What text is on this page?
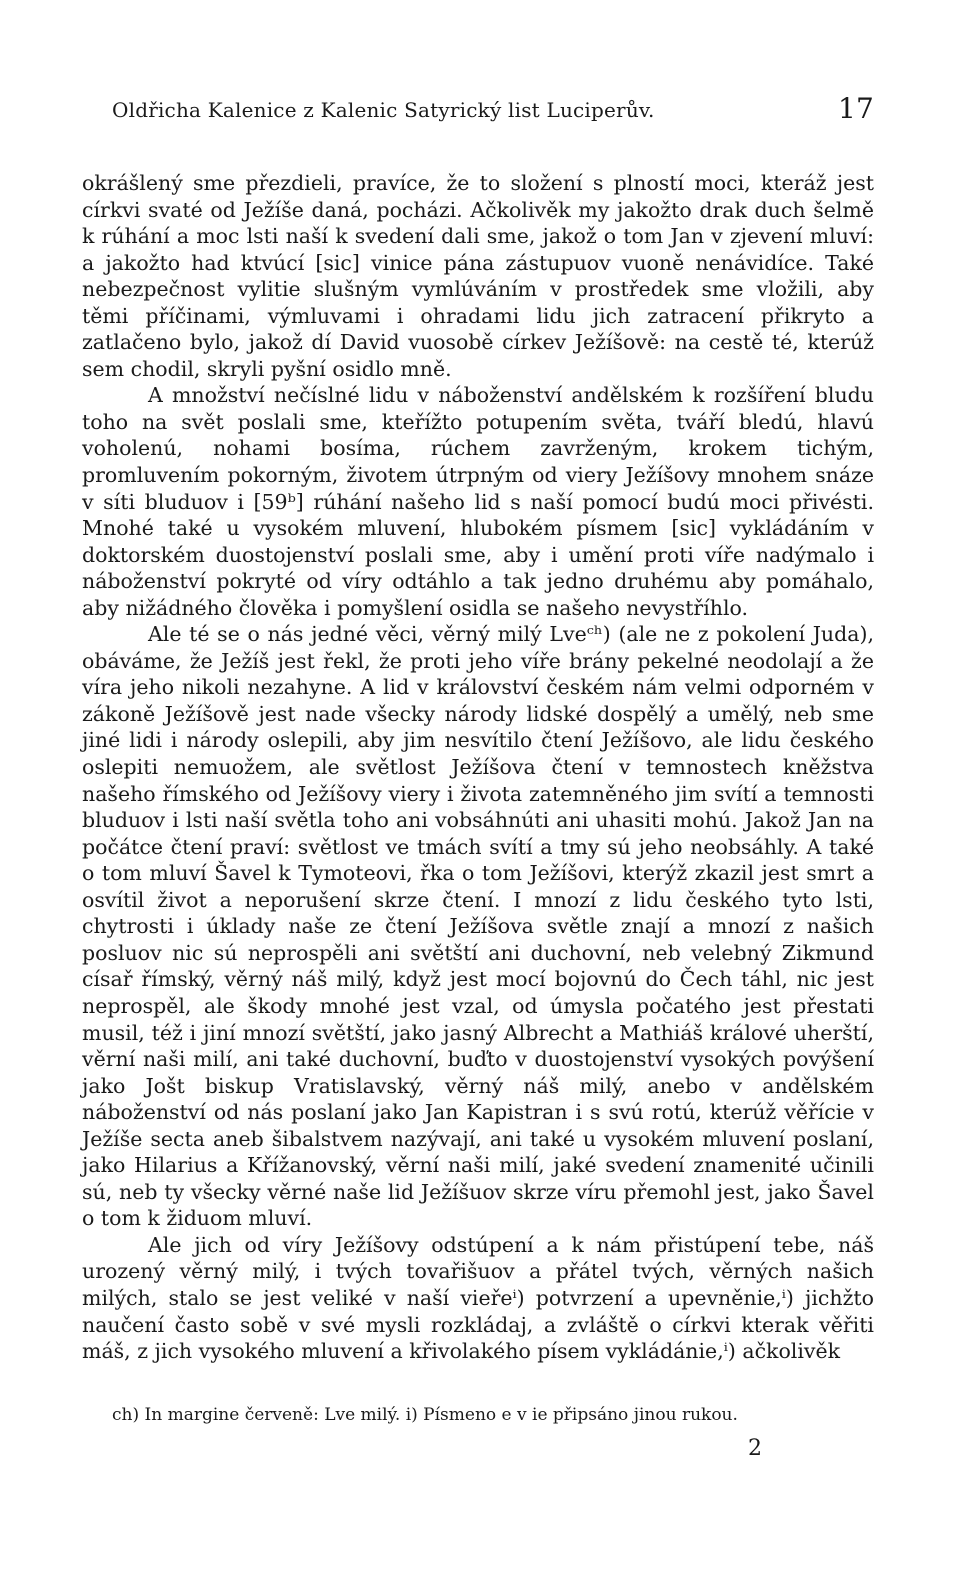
Oldřicha Kalenice z Kalenic Satyrický list Luciperův.	17

okrášlený sme přezdieli, pravíce, že to složení s plností moci, kteráž jest církvi svaté od Ježíše daná, pocházi. Ačkolivěk my jakožto drak duch šelmě k rúhání a moc lsti naší k svedení dali sme, jakož o tom Jan v zjevení mluví: a jakožto had ktvúcí [sic] vinice pána zástupuov vuoně nenávidíce. Také nebezpečnost vylitie slušným vymlúváním v prostředek sme vložili, aby těmi příčinami, výmluvami i ohradami lidu jich zatracení přikryto a zatlačeno bylo, jakož dí David vuosobě církev Ježíšově: na cestě té, kterúž sem chodil, skryli pyšní osidlo mně.

A množství nečíslné lidu v náboženství andělském k rozšíření bludu toho na svět poslali sme, kteřížto potupením světa, tváří bledú, hlavú voholenú, nohami bosíma, rúchem zavrženým, krokem tichým, promluvením pokorným, životem útrpným od viery Ježíšovy mnohem snáze v síti bluduov i [59ᵇ] rúhání našeho lid s naší pomocí budú moci přivésti. Mnohé také u vysokém mluvení, hlubokém písmem [sic] vykládáním v doktorském duostojenství poslali sme, aby i umění proti víře nadýmalo i náboženství pokryté od víry odtáhlo a tak jedno druhému aby pomáhalo, aby nižádného člověka i pomyšlení osidla se našeho nevystříhlo.

Ale té se o nás jedné věci, věrný milý Lveᶜʰ) (ale ne z pokolení Juda), obáváme, že Ježíš jest řekl, že proti jeho víře brány pekelné neodolají a že víra jeho nikoli nezahyne. A lid v království českém nám velmi odporném v zákoně Ježíšově jest nade všecky národy lidské dospělý a umělý, neb sme jiné lidi i národy oslepili, aby jim nesvítilo čtení Ježíšovo, ale lidu českého oslepiti nemuožem, ale světlost Ježíšova čtení v temnostech kněžstva našeho římského od Ježíšovy viery i života zatemněného jim svítí a temnosti bluduov i lsti naší světla toho ani vobsáhnúti ani uhasiti mohú. Jakož Jan na počátce čtení praví: světlost ve tmách svítí a tmy sú jeho neobsáhly. A také o tom mluví Šavel k Tymoteovi, řka o tom Ježíšovi, kterýž zkazil jest smrt a osvítil život a neporušení skrze čtení. I mnozí z lidu českého tyto lsti, chytrosti i úklady naše ze čtení Ježíšova světle znají a mnozí z našich posluov nic sú neprospěli ani světští ani duchovní, neb velebný Zikmund císař římský, věrný náš milý, když jest mocí bojovnú do Čech táhl, nic jest neprospěl, ale škody mnohé jest vzal, od úmysla počatého jest přestati musil, též i jiní mnozí světští, jako jasný Albrecht a Mathiáš králové uherští, věrní naši milí, ani také duchovní, buďto v duostojenství vysokých povýšení jako Jošt biskup Vratislavský, věrný náš milý, anebo v andělském náboženství od nás poslaní jako Jan Kapistran i s svú rotú, kterúž věřície v Ježíše secta aneb šibalstvem nazývají, ani také u vysokém mluvení poslaní, jako Hilarius a Křížanovský, věrní naši milí, jaké svedení znamenité učinili sú, neb ty všecky věrné naše lid Ježíšuov skrze víru přemohl jest, jako Šavel o tom k židuom mluví.

Ale jich od víry Ježíšovy odstúpení a k nám přistúpení tebe, náš urozený věrný milý, i tvých tovařišuov a přátel tvých, věrných našich milých, stalo se jest veliké v naší vieřeⁱ) potvrzení a upevněnie,ⁱ) jichžto naučení často sobě v své mysli rozkládaj, a zvláště o církvi kterak věřiti máš, z jich vysokého mluvení a křivolakého písem vykládánie,ⁱ) ačkolivěk

ch) In margine červeně: Lve milý. i) Písmeno e v ie připsáno jinou rukou.
2
